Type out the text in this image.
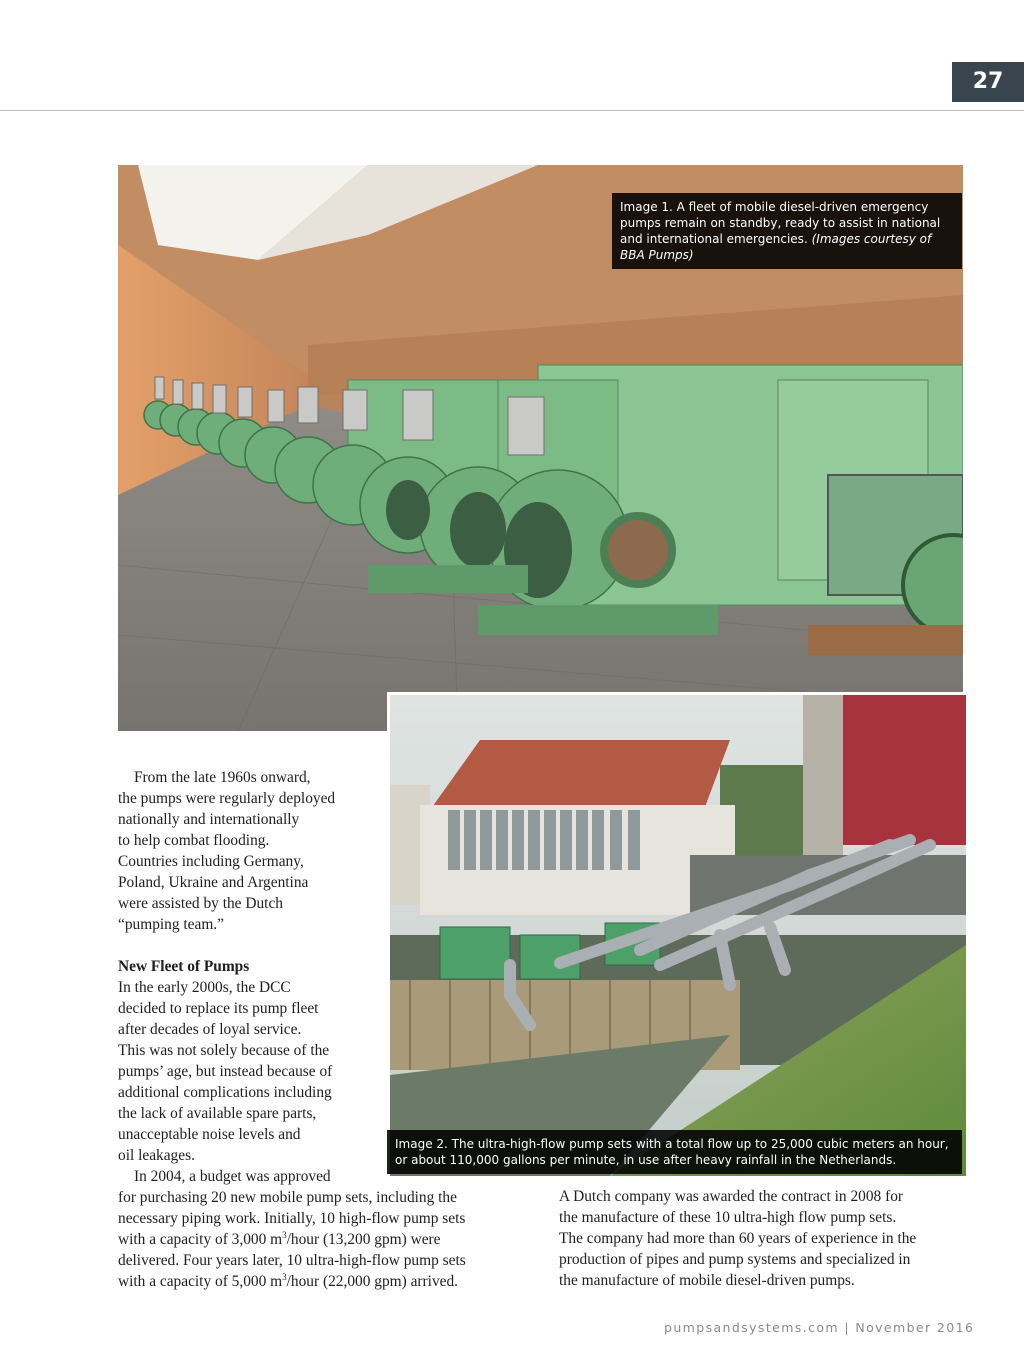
27
Image 1. A fleet of mobile diesel-driven emergency pumps remain on standby, ready to assist in national and international emergencies. (Images courtesy of BBA Pumps)
Image 2. The ultra-high-flow pump sets with a total flow up to 25,000 cubic meters an hour, or about 110,000 gallons per minute, in use after heavy rainfall in the Netherlands.

From the late 1960s onward,
the pumps were regularly deployed
nationally and internationally
to help combat flooding.
Countries including Germany,
Poland, Ukraine and Argentina
were assisted by the Dutch
“pumping team.”

New Fleet of Pumps

In the early 2000s, the DCC
decided to replace its pump fleet
after decades of loyal service.
This was not solely because of the
pumps’ age, but instead because of
additional complications including
the lack of available spare parts,
unacceptable noise levels and
oil leakages.

In 2004, a budget was approved

for purchasing 20 new mobile pump sets, including the
necessary piping work. Initially, 10 high-flow pump sets
with a capacity of 3,000 $m^3$/hour (13,200 gpm) were
delivered. Four years later, 10 ultra-high-flow pump sets
with a capacity of 5,000 $m^3$/hour (22,000 gpm) arrived.

A Dutch company was awarded the contract in 2008 for
the manufacture of these 10 ultra-high flow pump sets.
The company had more than 60 years of experience in the
production of pipes and pump systems and specialized in
the manufacture of mobile diesel-driven pumps.

pumpsandsystems.com | November 2016
